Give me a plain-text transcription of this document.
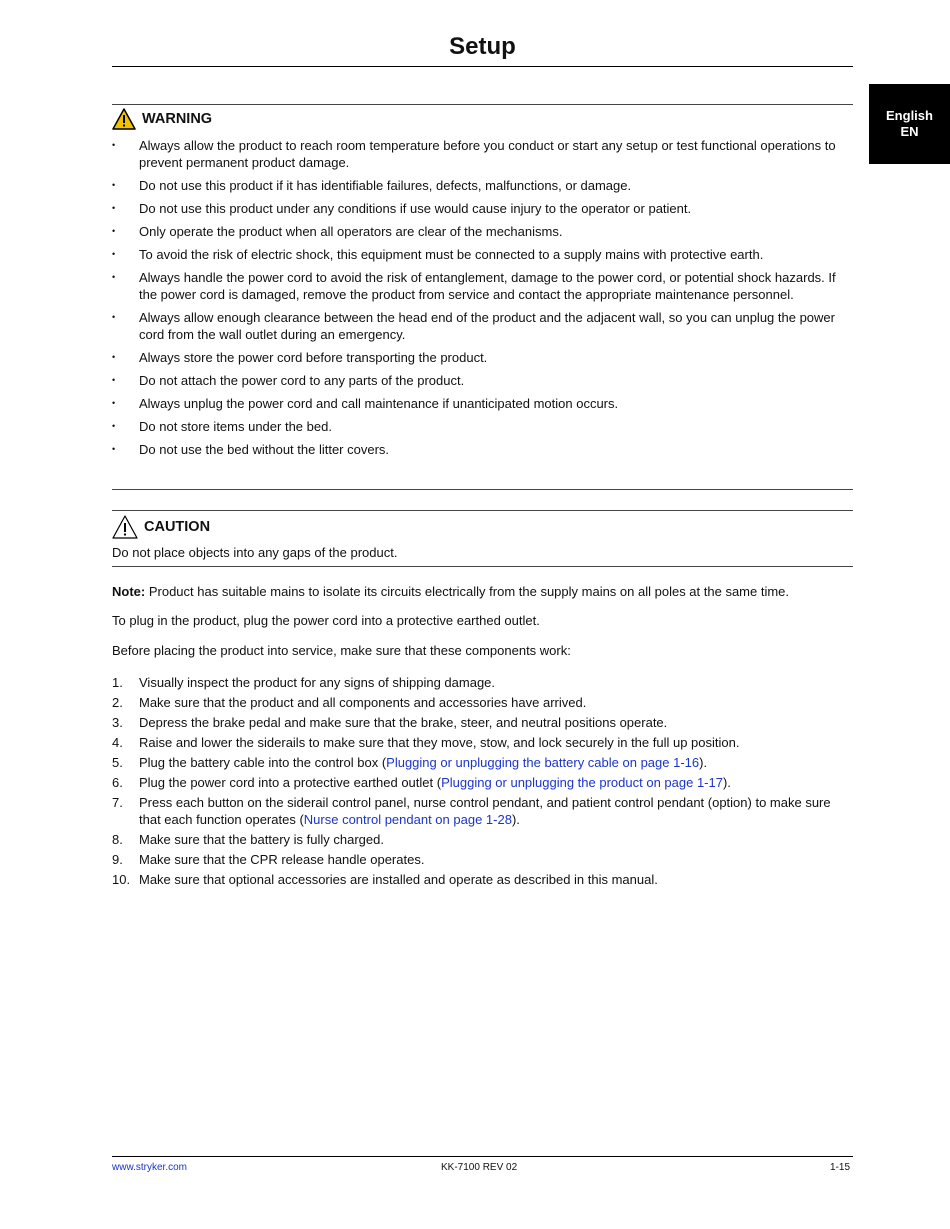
Setup
English
EN
WARNING
•	Always allow the product to reach room temperature before you conduct or start any setup or test functional operations to prevent permanent product damage.
•	Do not use this product if it has identifiable failures, defects, malfunctions, or damage.
•	Do not use this product under any conditions if use would cause injury to the operator or patient.
•	Only operate the product when all operators are clear of the mechanisms.
•	To avoid the risk of electric shock, this equipment must be connected to a supply mains with protective earth.
•	Always handle the power cord to avoid the risk of entanglement, damage to the power cord, or potential shock hazards. If the power cord is damaged, remove the product from service and contact the appropriate maintenance personnel.
•	Always allow enough clearance between the head end of the product and the adjacent wall, so you can unplug the power cord from the wall outlet during an emergency.
•	Always store the power cord before transporting the product.
•	Do not attach the power cord to any parts of the product.
•	Always unplug the power cord and call maintenance if unanticipated motion occurs.
•	Do not store items under the bed.
•	Do not use the bed without the litter covers.
CAUTION
Do not place objects into any gaps of the product.
Note: Product has suitable mains to isolate its circuits electrically from the supply mains on all poles at the same time.
To plug in the product, plug the power cord into a protective earthed outlet.
Before placing the product into service, make sure that these components work:
1. Visually inspect the product for any signs of shipping damage.
2. Make sure that the product and all components and accessories have arrived.
3. Depress the brake pedal and make sure that the brake, steer, and neutral positions operate.
4. Raise and lower the siderails to make sure that they move, stow, and lock securely in the full up position.
5. Plug the battery cable into the control box (Plugging or unplugging the battery cable on page 1-16).
6. Plug the power cord into a protective earthed outlet (Plugging or unplugging the product on page 1-17).
7. Press each button on the siderail control panel, nurse control pendant, and patient control pendant (option) to make sure that each function operates (Nurse control pendant on page 1-28).
8. Make sure that the battery is fully charged.
9. Make sure that the CPR release handle operates.
10. Make sure that optional accessories are installed and operate as described in this manual.
www.stryker.com	KK-7100 REV 02	1-15
